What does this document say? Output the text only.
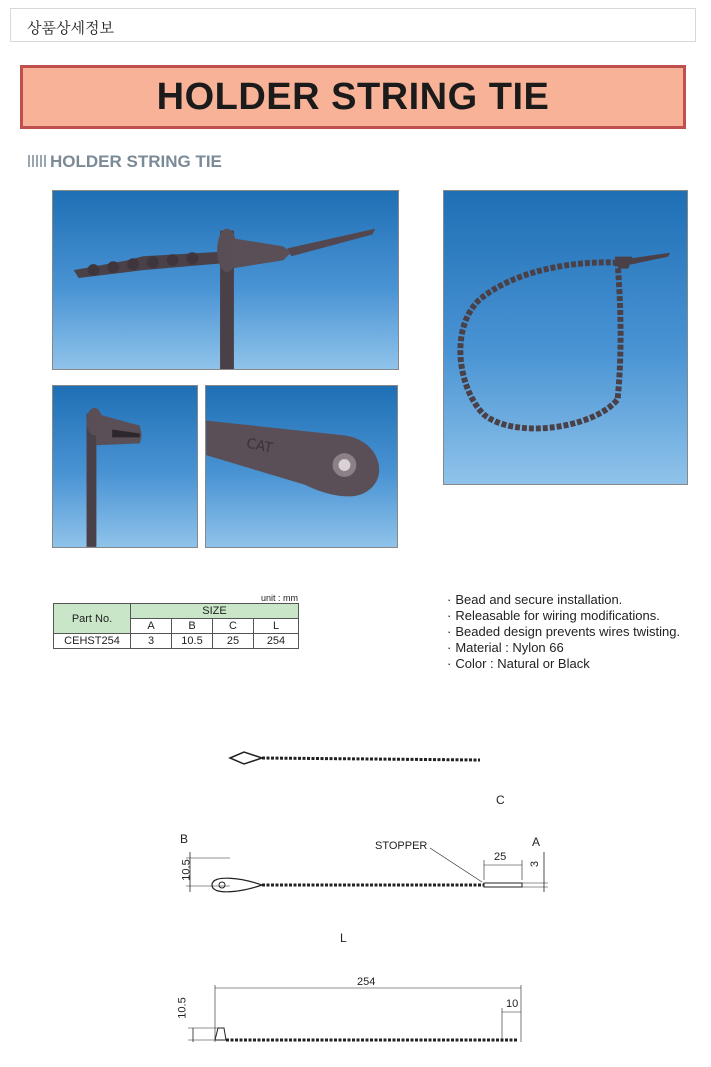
상품상세정보
HOLDER STRING TIE
HOLDER STRING TIE
CAT
unit : mm
Part No.	SIZE			
	A	B	C	L
CEHST254	3	10.5	25	254
· Bead and secure installation.
· Releasable for wiring modifications.
· Beaded design prevents wires twisting.
· Material : Nylon 66
· Color : Natural or Black
C
B	A
STOPPER
25
10.5	3
L
254
10
10.5
